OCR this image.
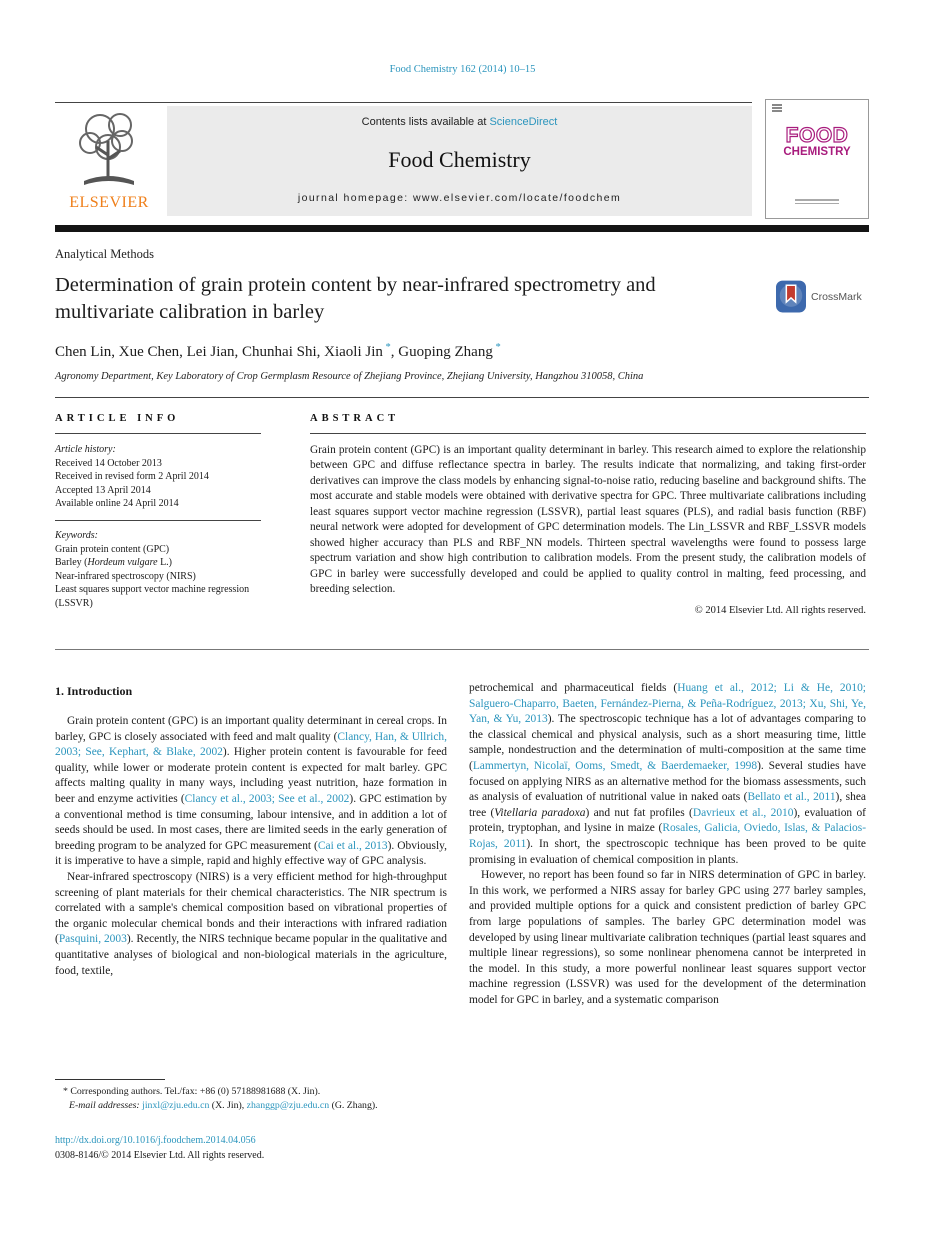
Food Chemistry 162 (2014) 10–15
ELSEVIER
Contents lists available at ScienceDirect
Food Chemistry
journal homepage: www.elsevier.com/locate/foodchem
FOOD
CHEMISTRY
Analytical Methods
Determination of grain protein content by near-infrared spectrometry and multivariate calibration in barley
CrossMark
Chen Lin, Xue Chen, Lei Jian, Chunhai Shi, Xiaoli Jin *, Guoping Zhang *
Agronomy Department, Key Laboratory of Crop Germplasm Resource of Zhejiang Province, Zhejiang University, Hangzhou 310058, China
ARTICLE INFO
Article history:
Received 14 October 2013
Received in revised form 2 April 2014
Accepted 13 April 2014
Available online 24 April 2014
Keywords:
Grain protein content (GPC)
Barley (Hordeum vulgare L.)
Near-infrared spectroscopy (NIRS)
Least squares support vector machine regression (LSSVR)
ABSTRACT
Grain protein content (GPC) is an important quality determinant in barley. This research aimed to explore the relationship between GPC and diffuse reflectance spectra in barley. The results indicate that normalizing, and taking first-order derivatives can improve the class models by enhancing signal-to-noise ratio, reducing baseline and background shifts. The most accurate and stable models were obtained with derivative spectra for GPC. Three multivariate calibrations including least squares support vector machine regression (LSSVR), partial least squares (PLS), and radial basis function (RBF) neural network were adopted for development of GPC determination models. The Lin_LSSVR and RBF_LSSVR models showed higher accuracy than PLS and RBF_NN models. Thirteen spectral wavelengths were found to possess large spectrum variation and show high contribution to calibration models. From the present study, the calibration models of GPC in barley were successfully developed and could be applied to quality control in malting, feed processing, and breeding selection.
© 2014 Elsevier Ltd. All rights reserved.
1. Introduction

Grain protein content (GPC) is an important quality determinant in cereal crops. In barley, GPC is closely associated with feed and malt quality (Clancy, Han, & Ullrich, 2003; See, Kephart, & Blake, 2002). Higher protein content is favourable for feed quality, while lower or moderate protein content is expected for malt barley. GPC affects malting quality in many ways, including yeast nutrition, haze formation in beer and enzyme activities (Clancy et al., 2003; See et al., 2002). GPC estimation by a conventional method is time consuming, labour intensive, and in addition a lot of seeds should be used. In most cases, there are limited seeds in the early generation of breeding program to be analyzed for GPC measurement (Cai et al., 2013). Obviously, it is imperative to have a simple, rapid and highly effective way of GPC analysis.

Near-infrared spectroscopy (NIRS) is a very efficient method for high-throughput screening of plant materials for their chemical characteristics. The NIR spectrum is correlated with a sample's chemical composition based on vibrational properties of the organic molecular chemical bonds and their interactions with infrared radiation (Pasquini, 2003). Recently, the NIRS technique became popular in the qualitative and quantitative analyses of biological and non-biological materials in the agriculture, food, textile,

petrochemical and pharmaceutical fields (Huang et al., 2012; Li & He, 2010; Salguero-Chaparro, Baeten, Fernández-Pierna, & Peña-Rodríguez, 2013; Xu, Shi, Ye, Yan, & Yu, 2013). The spectroscopic technique has a lot of advantages comparing to the classical chemical and physical analysis, such as a short measuring time, little sample, nondestruction and the determination of multi-composition at the same time (Lammertyn, Nicolaï, Ooms, Smedt, & Baerdemaeker, 1998). Several studies have focused on applying NIRS as an alternative method for the biomass assessments, such as analysis of evaluation of nutritional value in naked oats (Bellato et al., 2011), shea tree (Vitellaria paradoxa) and nut fat profiles (Davrieux et al., 2010), evaluation of protein, tryptophan, and lysine in maize (Rosales, Galicia, Oviedo, Islas, & Palacios-Rojas, 2011). In short, the spectroscopic technique has been proved to be quite promising in evaluation of chemical composition in plants.

However, no report has been found so far in NIRS determination of GPC in barley. In this work, we performed a NIRS assay for barley GPC using 277 barley samples, and provided multiple options for a quick and consistent prediction of barley GPC from large populations of samples. The barley GPC determination model was developed by using linear multivariate calibration techniques (partial least squares and multiple linear regressions), so some nonlinear phenomena cannot be interpreted in the model. In this study, a more powerful nonlinear least squares support vector machine regression (LSSVR) was used for the development of the determination model for GPC in barley, and a systematic comparison

* Corresponding authors. Tel./fax: +86 (0) 57188981688 (X. Jin).
E-mail addresses: jinxl@zju.edu.cn (X. Jin), zhanggp@zju.edu.cn (G. Zhang).
http://dx.doi.org/10.1016/j.foodchem.2014.04.056
0308-8146/© 2014 Elsevier Ltd. All rights reserved.
